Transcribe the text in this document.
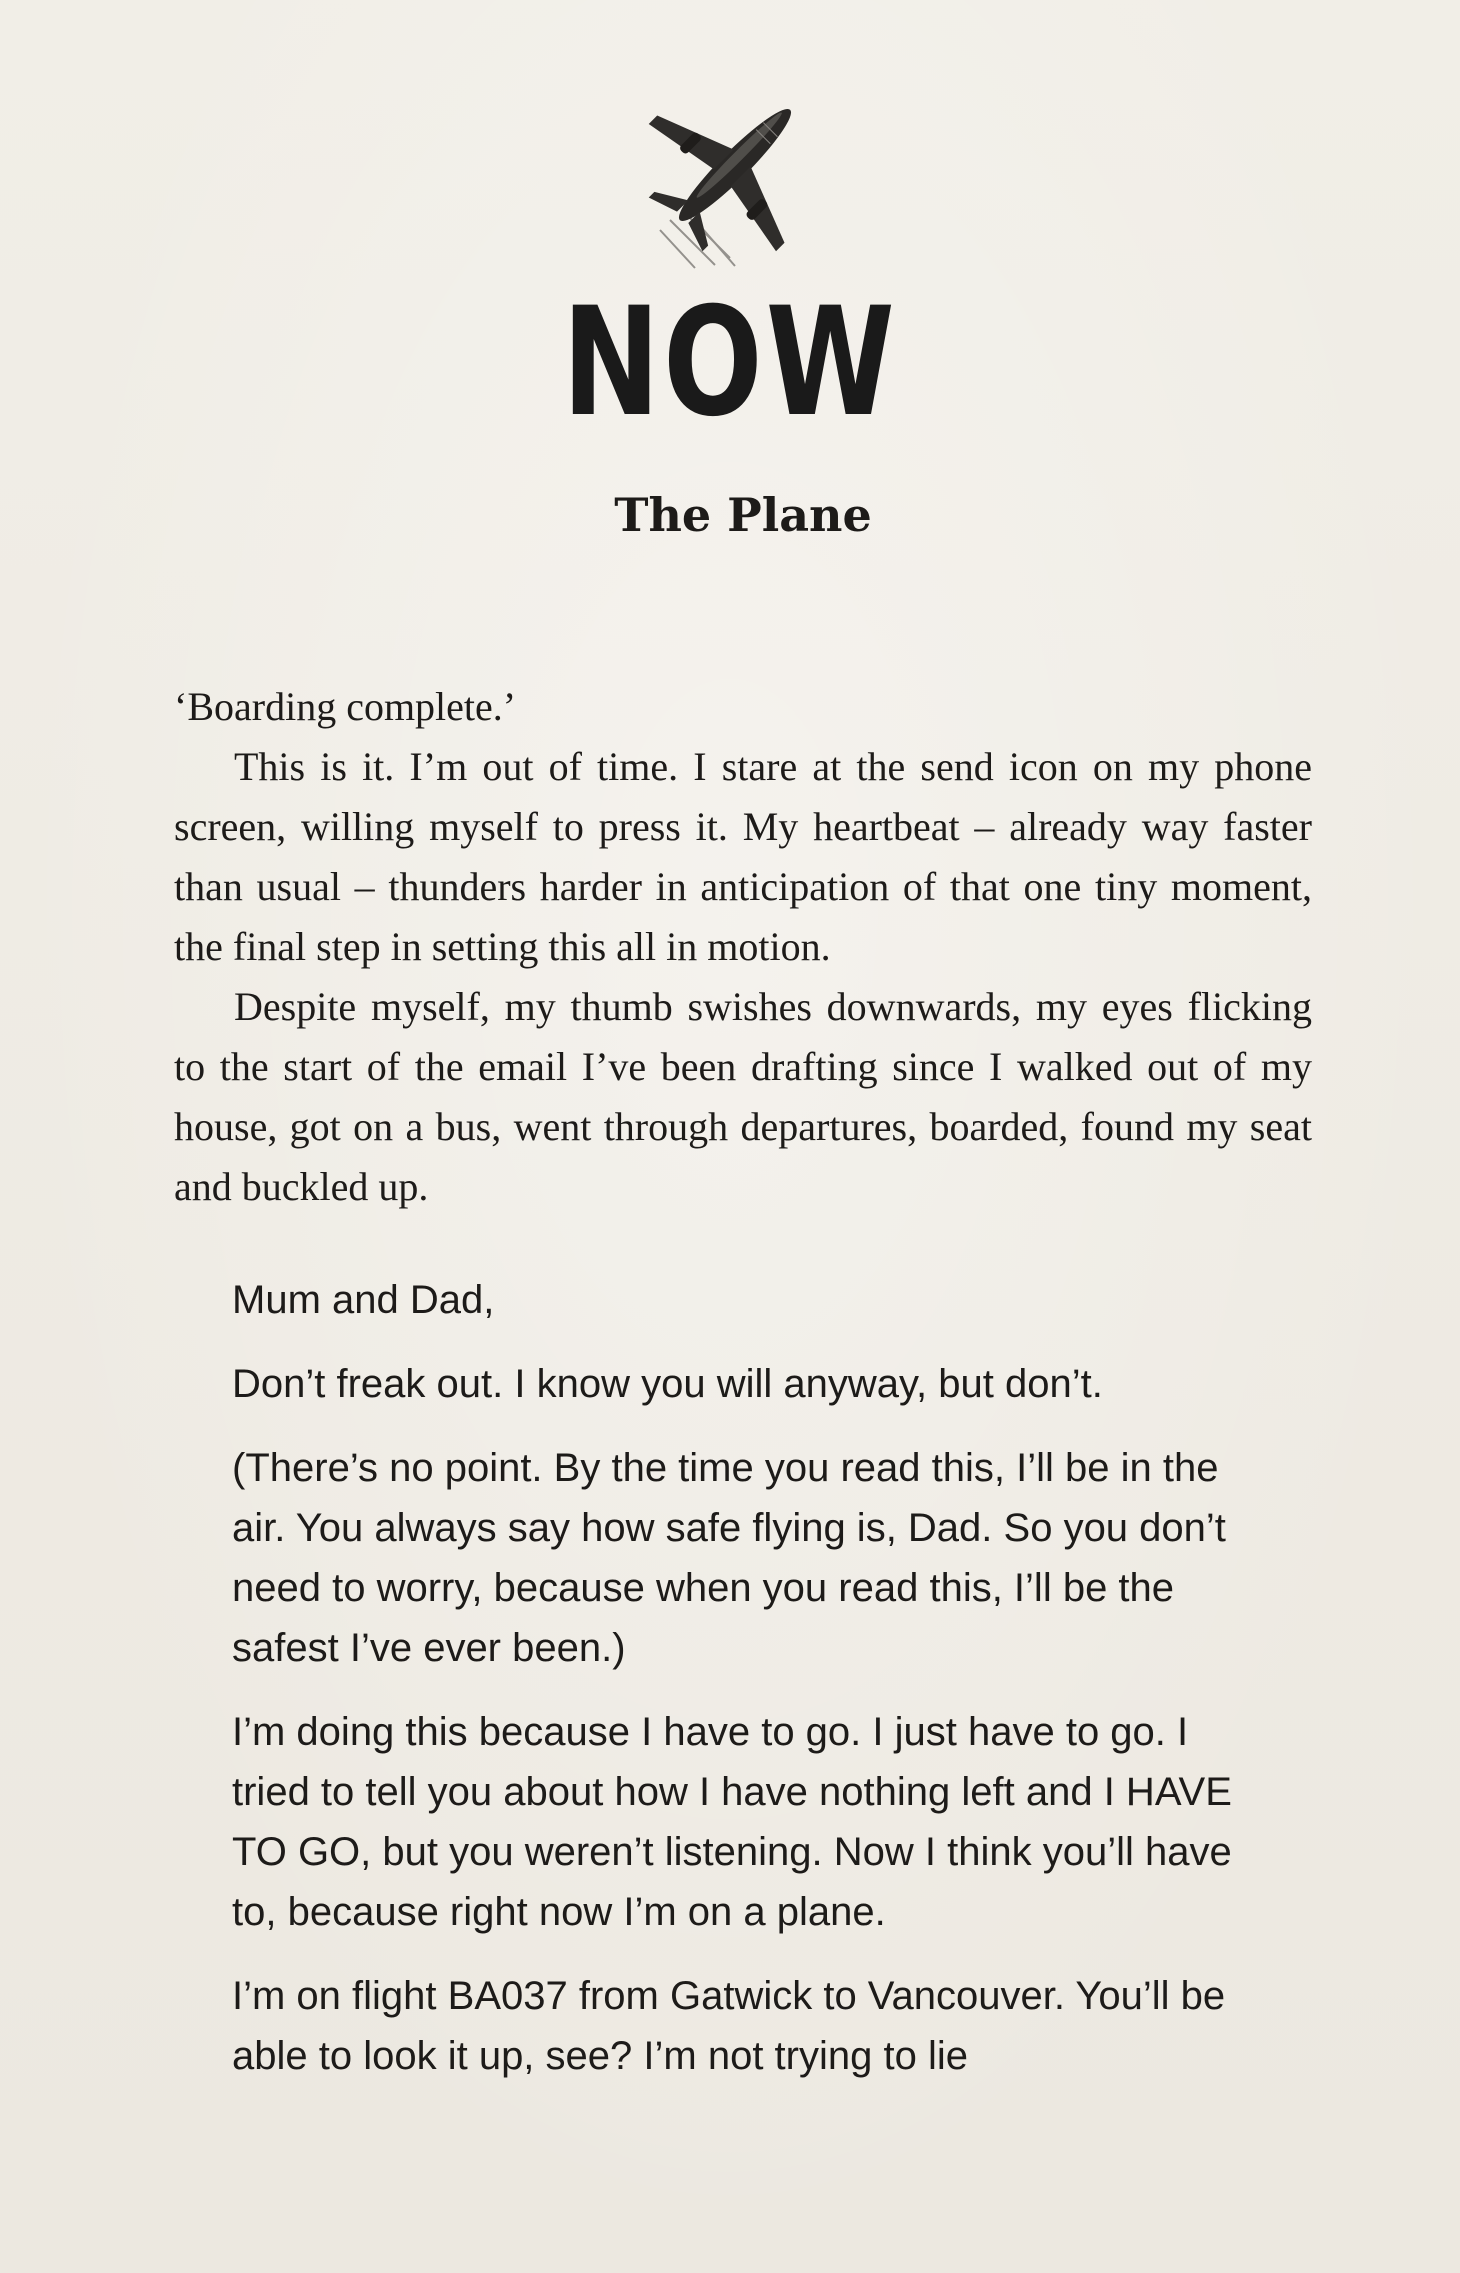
NOW
The Plane

‘Boarding complete.’

This is it. I’m out of time. I stare at the send icon on my phone screen, willing myself to press it. My heartbeat – already way faster than usual – thunders harder in anticipation of that one tiny moment, the final step in setting this all in motion.

Despite myself, my thumb swishes downwards, my eyes flicking to the start of the email I’ve been drafting since I walked out of my house, got on a bus, went through departures, boarded, found my seat and buckled up.

Mum and Dad,

Don’t freak out. I know you will anyway, but don’t.

(There’s no point. By the time you read this, I’ll be in the air. You always say how safe flying is, Dad. So you don’t need to worry, because when you read this, I’ll be the safest I’ve ever been.)

I’m doing this because I have to go. I just have to go. I tried to tell you about how I have nothing left and I HAVE TO GO, but you weren’t listening. Now I think you’ll have to, because right now I’m on a plane.

I’m on flight BA037 from Gatwick to Vancouver. You’ll be able to look it up, see? I’m not trying to lie
